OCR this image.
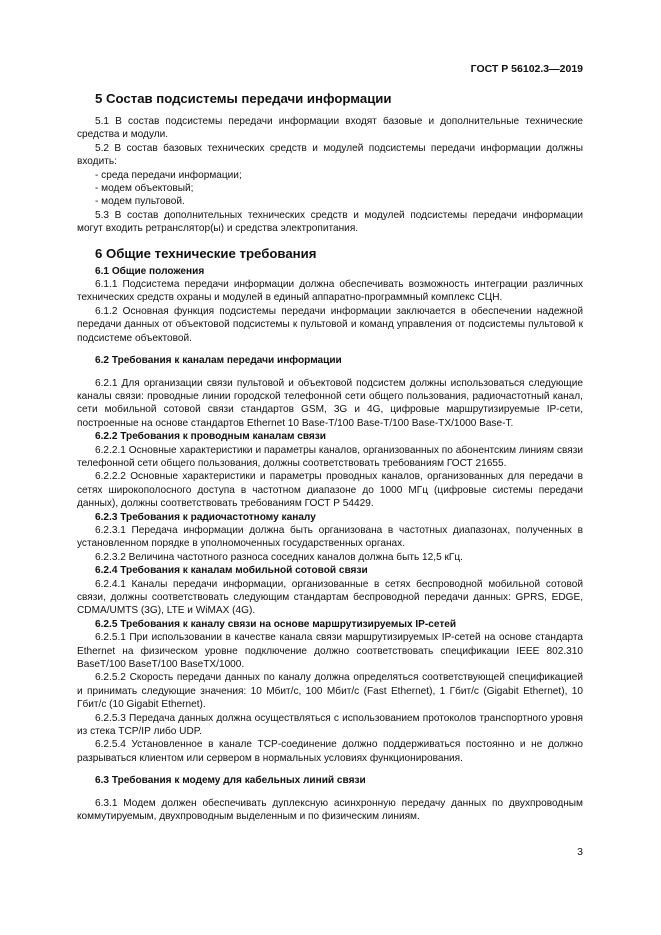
ГОСТ Р 56102.3—2019
5 Состав подсистемы передачи информации

5.1 В состав подсистемы передачи информации входят базовые и дополнительные технические средства и модули.

5.2 В состав базовых технических средств и модулей подсистемы передачи информации должны входить:

- среда передачи информации;

- модем объектовый;

- модем пультовой.

5.3 В состав дополнительных технических средств и модулей подсистемы передачи информации могут входить ретранслятор(ы) и средства электропитания.

6 Общие технические требования
6.1 Общие положения

6.1.1 Подсистема передачи информации должна обеспечивать возможность интеграции различных технических средств охраны и модулей в единый аппаратно-программный комплекс СЦН.

6.1.2 Основная функция подсистемы передачи информации заключается в обеспечении надежной передачи данных от объектовой подсистемы к пультовой и команд управления от подсистемы пультовой к подсистеме объектовой.

6.2 Требования к каналам передачи информации

6.2.1 Для организации связи пультовой и объектовой подсистем должны использоваться следующие каналы связи: проводные линии городской телефонной сети общего пользования, радиочастотный канал, сети мобильной сотовой связи стандартов GSM, 3G и 4G, цифровые маршрутизируемые IP-сети, построенные на основе стандартов Ethernet 10 Base-T/100 Base-T/100 Base-TX/1000 Base-T.

6.2.2 Требования к проводным каналам связи

6.2.2.1 Основные характеристики и параметры каналов, организованных по абонентским линиям связи телефонной сети общего пользования, должны соответствовать требованиям ГОСТ 21655.

6.2.2.2 Основные характеристики и параметры проводных каналов, организованных для передачи в сетях широкополосного доступа в частотном диапазоне до 1000 МГц (цифровые системы передачи данных), должны соответствовать требованиям ГОСТ Р 54429.

6.2.3 Требования к радиочастотному каналу

6.2.3.1 Передача информации должна быть организована в частотных диапазонах, полученных в установленном порядке в уполномоченных государственных органах.

6.2.3.2 Величина частотного разноса соседних каналов должна быть 12,5 кГц.

6.2.4 Требования к каналам мобильной сотовой связи

6.2.4.1 Каналы передачи информации, организованные в сетях беспроводной мобильной сотовой связи, должны соответствовать следующим стандартам беспроводной передачи данных: GPRS, EDGE, CDMA/UMTS (3G), LTE и WiMAX (4G).

6.2.5 Требования к каналу связи на основе маршрутизируемых IP-сетей

6.2.5.1 При использовании в качестве канала связи маршрутизируемых IP-сетей на основе стандарта Ethernet на физическом уровне подключение должно соответствовать спецификации IEEE 802.310 BaseT/100 BaseT/100 BaseTX/1000.

6.2.5.2 Скорость передачи данных по каналу должна определяться соответствующей спецификацией и принимать следующие значения: 10 Мбит/с, 100 Мбит/с (Fast Ethernet), 1 Гбит/с (Gigabit Ethernet), 10 Гбит/с (10 Gigabit Ethernet).

6.2.5.3 Передача данных должна осуществляться с использованием протоколов транспортного уровня из стека TCP/IP либо UDP.

6.2.5.4 Установленное в канале TCP-соединение должно поддерживаться постоянно и не должно разрываться клиентом или сервером в нормальных условиях функционирования.

6.3 Требования к модему для кабельных линий связи

6.3.1 Модем должен обеспечивать дуплексную асинхронную передачу данных по двухпроводным коммутируемым, двухпроводным выделенным и по физическим линиям.

3
